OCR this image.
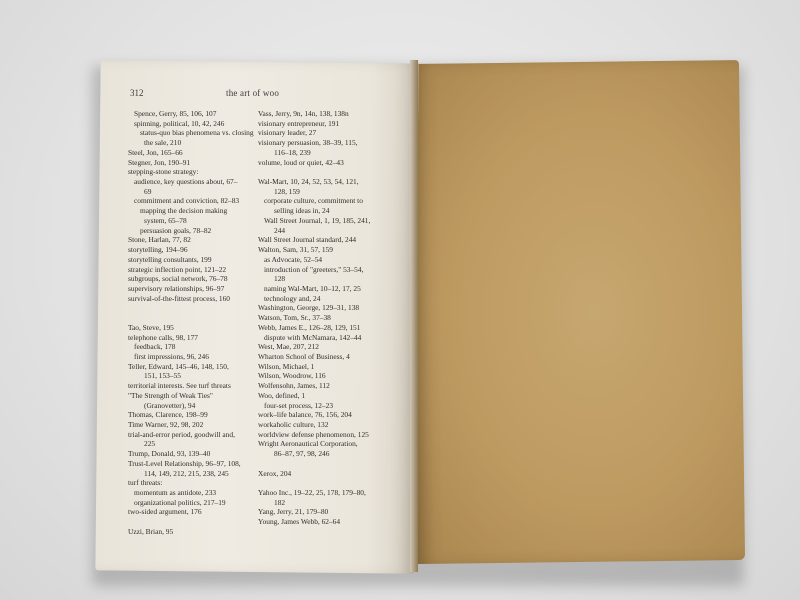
312	the art of woo
Spence, Gerry, 85, 106, 107
spinning, political, 10, 42, 246
status-quo bias phenomena vs. closing
the sale, 210
Steel, Jon, 165–66
Stegner, Jon, 190–91
stepping-stone strategy:
audience, key questions about, 67–
69
commitment and conviction, 82–83
mapping the decision making
system, 65–78
persuasion goals, 78–82
Stone, Harlan, 77, 82
storytelling, 194–96
storytelling consultants, 199
strategic inflection point, 121–22
subgroups, social network, 76–78
supervisory relationships, 96–97
survival-of-the-fittest process, 160
Tao, Steve, 195
telephone calls, 98, 177
feedback, 178
first impressions, 96, 246
Teller, Edward, 145–46, 148, 150,
151, 153–55
territorial interests. See turf threats
"The Strength of Weak Ties"
(Granovetter), 94
Thomas, Clarence, 198–99
Time Warner, 92, 98, 202
trial-and-error period, goodwill and,
225
Trump, Donald, 93, 139–40
Trust-Level Relationship, 96–97, 108,
114, 149, 212, 215, 238, 245
turf threats:
momentum as antidote, 233
organizational politics, 217–19
two-sided argument, 176
Uzzi, Brian, 95
Vass, Jerry, 9n, 14n, 138, 138n
visionary entrepreneur, 191
visionary leader, 27
visionary persuasion, 38–39, 115,
116–18, 239
volume, loud or quiet, 42–43
Wal-Mart, 10, 24, 52, 53, 54, 121,
128, 159
corporate culture, commitment to
selling ideas in, 24
Wall Street Journal, 1, 19, 185, 241,
244
Wall Street Journal standard, 244
Walton, Sam, 31, 57, 159
as Advocate, 52–54
introduction of "greeters," 53–54,
128
naming Wal-Mart, 10–12, 17, 25
technology and, 24
Washington, George, 129–31, 138
Watson, Tom, Sr., 37–38
Webb, James E., 126–28, 129, 151
dispute with McNamara, 142–44
West, Mae, 207, 212
Wharton School of Business, 4
Wilson, Michael, 1
Wilson, Woodrow, 116
Wolfensohn, James, 112
Woo, defined, 1
four-set process, 12–23
work–life balance, 76, 156, 204
workaholic culture, 132
worldview defense phenomenon, 125
Wright Aeronautical Corporation,
86–87, 97, 98, 246
Xerox, 204
Yahoo Inc., 19–22, 25, 178, 179–80,
182
Yang, Jerry, 21, 179–80
Young, James Webb, 62–64
